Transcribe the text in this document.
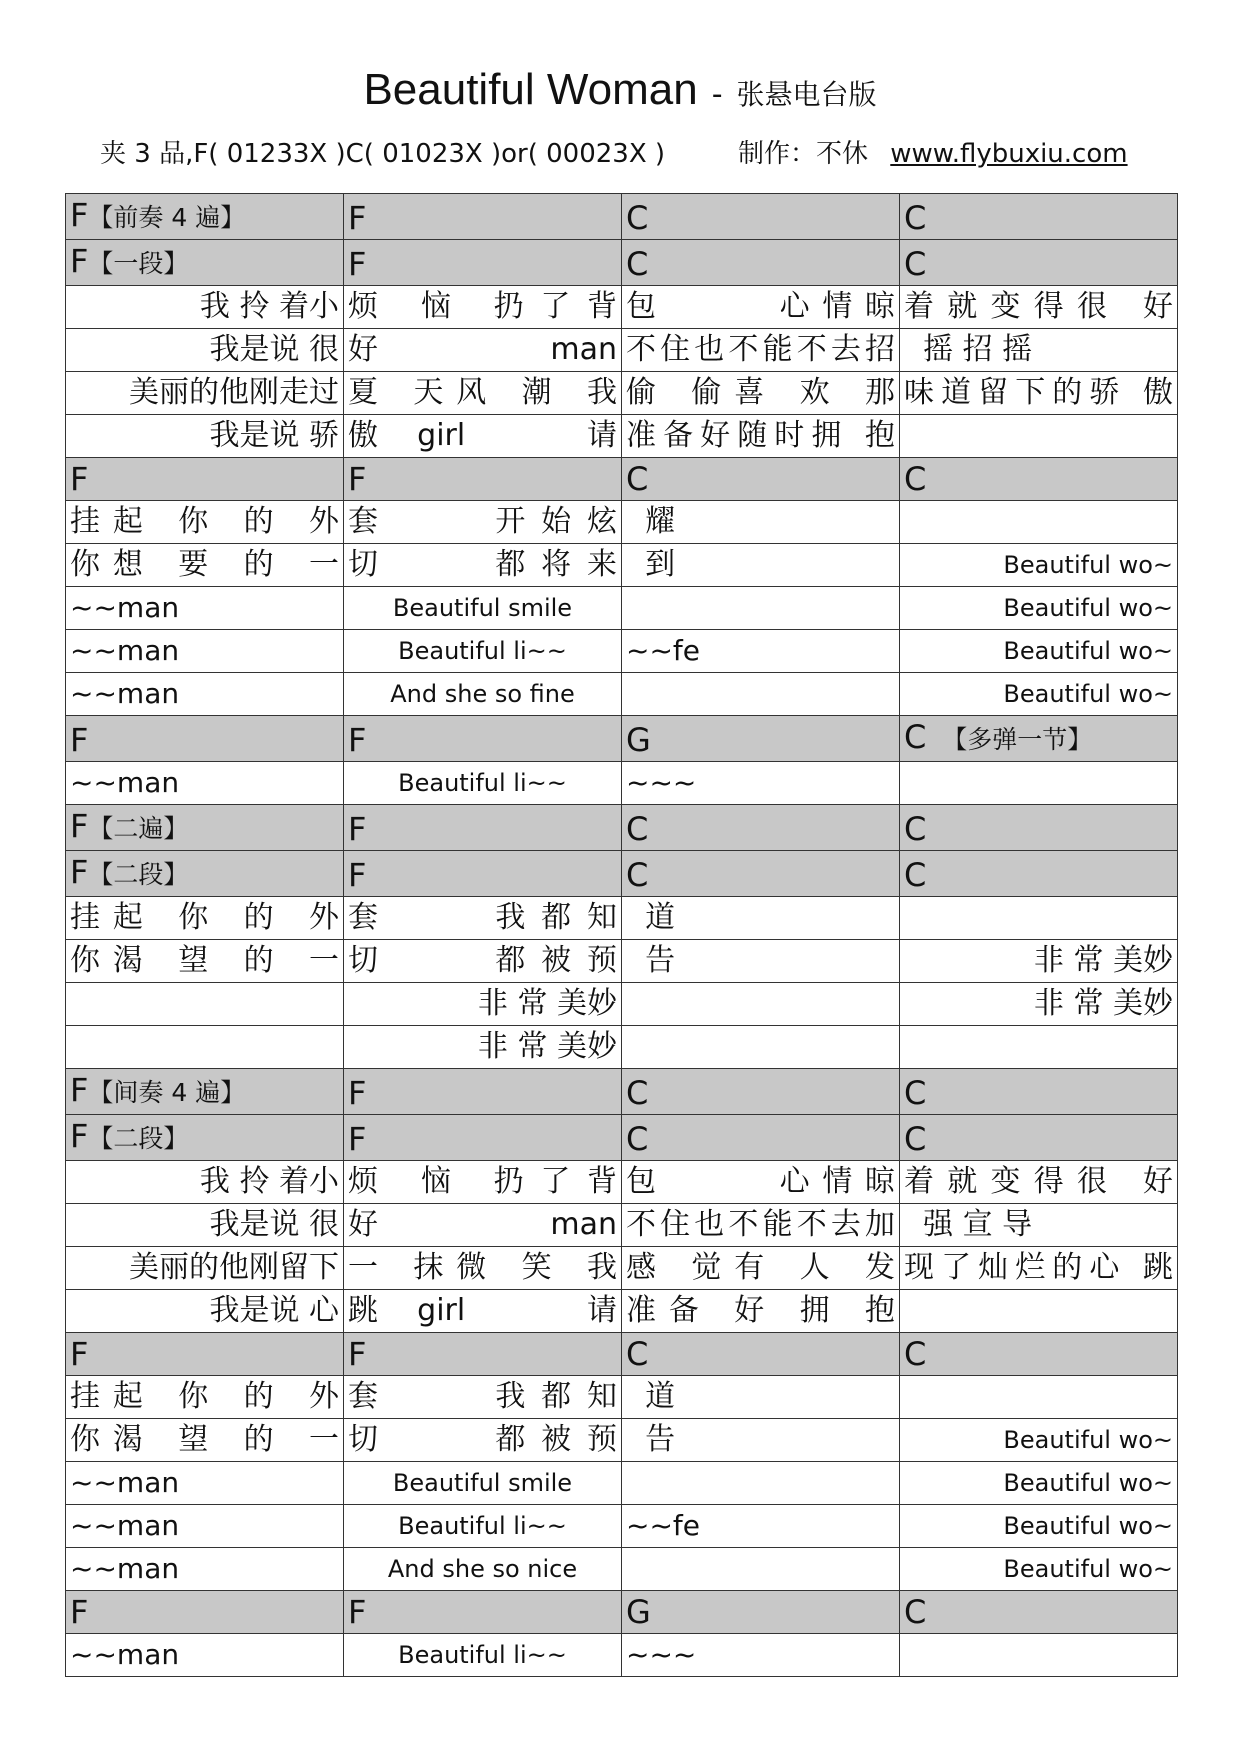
Beautiful Woman - 张悬电台版
夹 3 品,F( 01233X )C( 01023X )or( 00023X )	制作：不休 www.flybuxiu.com
F【前奏 4 遍】	F	C	C
F【一段】	F	C	C
我 拎 着小	烦 恼 扔了背	包     心情晾	着就变得很 好
我是说 很	好 man	不住也不能不去招	摇 招 摇
美丽的他刚走过	夏 天风 潮 我	偷 偷喜 欢 那	味道留下的骄 傲
我是说 骄	傲 girl     请	准备好随时拥 抱	
F	F	C	C
挂起 你 的 外	套    开始炫	耀	
你想 要 的 一	切    都将来	到	Beautiful wo~
~~man	Beautiful smile		Beautiful wo~
~~man	Beautiful li~~	~~fe	Beautiful wo~
~~man	And she so fine		Beautiful wo~
F	F	G	C  【多弹一节】
~~man	Beautiful li~~	~~~	
F【二遍】	F	C	C
F【二段】	F	C	C
挂起 你 的 外	套    我都知	道	
你渴 望 的 一	切    都被预	告	非 常 美妙
	非 常 美妙		非 常 美妙
	非 常 美妙		
F【间奏 4 遍】	F	C	C
F【二段】	F	C	C
我 拎 着小	烦 恼 扔了背	包     心情晾	着就变得很 好
我是说 很	好 man	不住也不能不去加	强 宣 导
美丽的他刚留下	一 抹微 笑 我	感 觉有 人 发	现了灿烂的心 跳
我是说 心	跳 girl     请	准备 好 拥 抱	
F	F	C	C
挂起 你 的 外	套    我都知	道	
你渴 望 的 一	切    都被预	告	Beautiful wo~
~~man	Beautiful smile		Beautiful wo~
~~man	Beautiful li~~	~~fe	Beautiful wo~
~~man	And she so nice		Beautiful wo~
F	F	G	C
~~man	Beautiful li~~	~~~	
